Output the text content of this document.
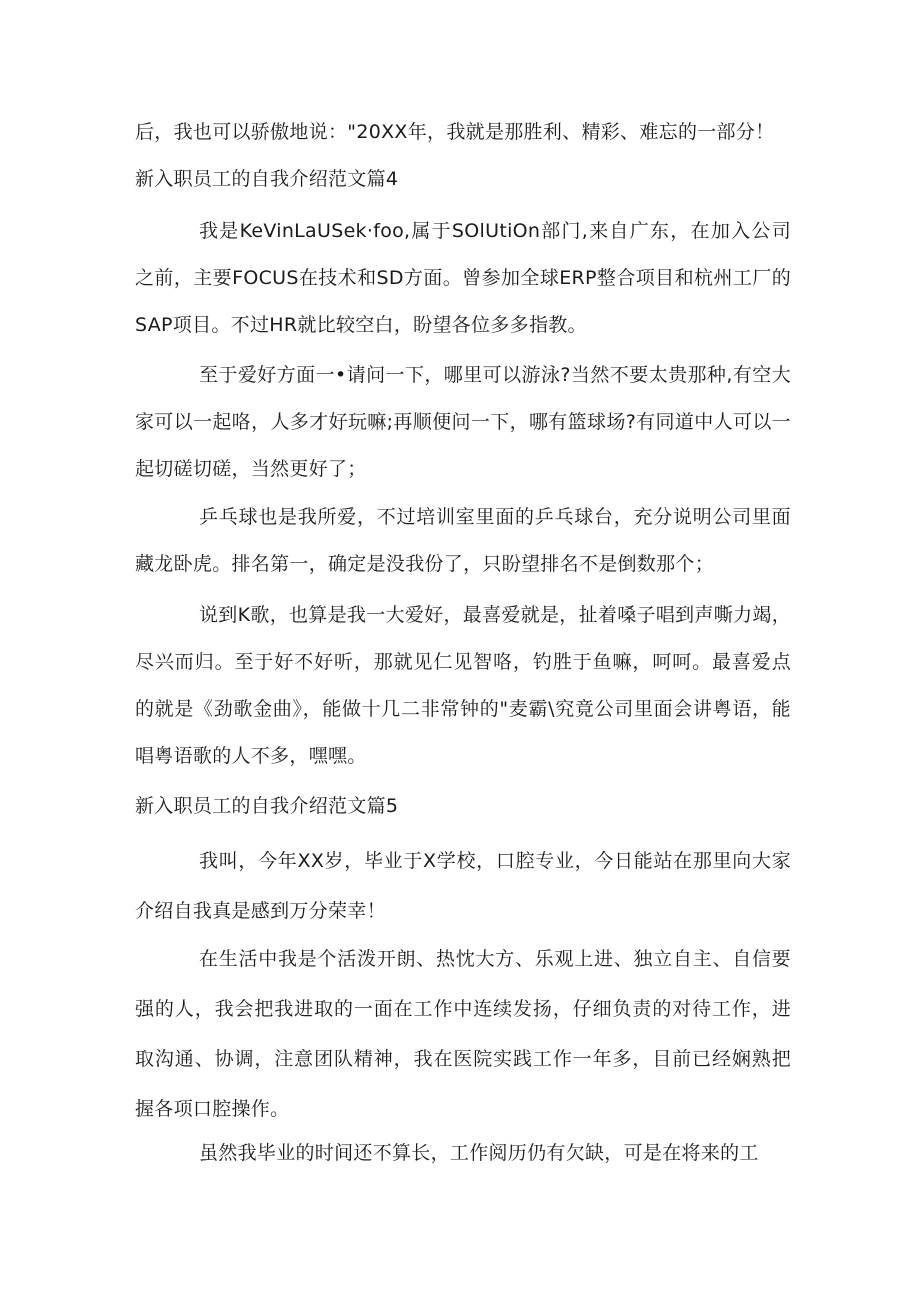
后，我也可以骄傲地说："20XX年，我就是那胜利、精彩、难忘的一部分！

新入职员工的自我介绍范文篇4

我是KeVinLaUSek·foo,属于SOlUtiOn部门,来自广东，在加入公司之前，主要FOCUS在技术和SD方面。曾参加全球ERP整合项目和杭州工厂的SAP项目。不过HR就比较空白，盼望各位多多指教。

至于爱好方面一•请问一下，哪里可以游泳?当然不要太贵那种,有空大家可以一起咯，人多才好玩嘛;再顺便问一下，哪有篮球场?有同道中人可以一起切磋切磋，当然更好了；

乒乓球也是我所爱，不过培训室里面的乒乓球台，充分说明公司里面藏龙卧虎。排名第一，确定是没我份了，只盼望排名不是倒数那个；

说到K歌，也算是我一大爱好，最喜爱就是，扯着嗓子唱到声嘶力竭，尽兴而归。至于好不好听，那就见仁见智咯，钓胜于鱼嘛，呵呵。最喜爱点的就是《劲歌金曲》，能做十几二非常钟的"麦霸\究竟公司里面会讲粤语，能唱粤语歌的人不多，嘿嘿。

新入职员工的自我介绍范文篇5

我叫，今年XX岁，毕业于X学校，口腔专业，今日能站在那里向大家介绍自我真是感到万分荣幸！

在生活中我是个活泼开朗、热忱大方、乐观上进、独立自主、自信要强的人，我会把我进取的一面在工作中连续发扬，仔细负责的对待工作，进取沟通、协调，注意团队精神，我在医院实践工作一年多，目前已经娴熟把握各项口腔操作。

虽然我毕业的时间还不算长，工作阅历仍有欠缺，可是在将来的工
